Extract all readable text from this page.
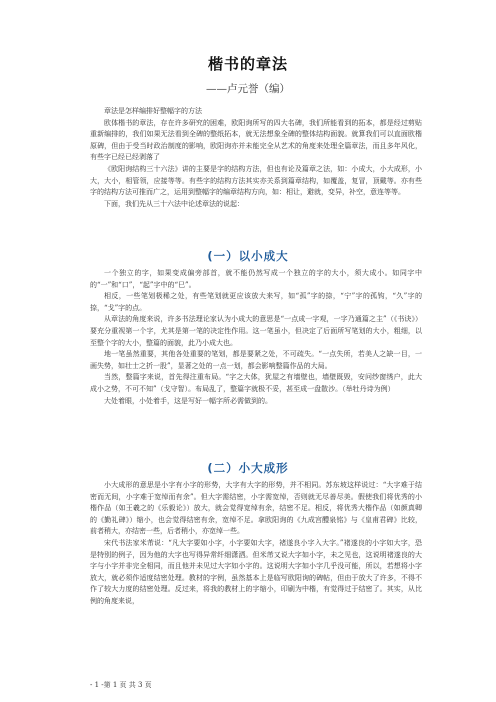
楷书的章法
——卢元誉（编）

章法是怎样编排好整幅字的方法

欧体楷书的章法，存在许多研究的困难，欧阳询所写的四大名碑，我们所能看到的拓本，都是经过剪贴重新编排的，我们如果无法看到全碑的整纸拓本，就无法想象全碑的整体结构面貌。就算我们可以直面欧楷原碑，但由于受当时政治制度的影响，欧阳询亦并未能完全从艺术的角度来处理全篇章法，而且多年风化，有些字已经已经剥落了

《欧阳询结构三十六法》讲的主要是字的结构方法，但也有论及篇章之法，如：小成大，小大成形，小大，大小，相管领，应接等等。有些字的结构方法其实亦关系到篇章结构，如覆盖，复冒，顶戴等。亦有些字的结构方法可推而广之，运用到整幅字的编章结构方向，如：相让，避就，变异，补空，意连等等。

下面，我们先从三十六法中论述章法的说起：

(一）以小成大

一个独立的字，如果变成偏旁部首，就不能仍然写成一个独立的字的大小，须大成小。如同字中的“一”和“口”，“起”字中的“巳”。

相反，一些笔划极稀之处，有些笔划就更应该放大来写，如“孤”字的捺，“宁”字的孤钩，“久”字的捺，“戈”字的点。

从章法的角度来说，许多书法理论家认为小成大的意思是“一点成一字观，一字乃通篇之主”（《书诀》）要充分重视第一个字，尤其是第一笔的决定性作用。这一笔虽小，但决定了后面所写笔划的大小，粗细，以至整个字的大小，整篇的面貌，此乃小成大也。

地一笔虽然重要，其他各处重要的笔划，都是要紧之处，不可疏失。“一点失所，若美人之缺一目，一画失势，如壮士之折一股”，显著之处的一点一划，都会影响整篇作品的大局。

当然，整篇字来说，首先得注重布局。“字之大体，犹屋之有墙壁也，墙壁既毁，安问纱窗绣户，此大成小之势，不可不知”（戈守智）。布局乱了，整篇字就极不妥，甚至成一盘散沙。（举牡丹诗为例）

大处着眼，小处着手，这是写好一幅字所必需做到的。

(二）小大成形

小大成形的意思是小字有小字的形势，大字有大字的形势，并不相同。苏东坡这样说过：“大字难于结密而无间，小字难于宽绰而有余”。但大字需结密，小字需宽绰，否则就无尽善尽美。假使我们将优秀的小楷作品（如王羲之的《乐毅论》）放大，就会觉得宽绰有余，结密不足。相反，将优秀大楷作品（如颜真卿的《勤礼碑》）缩小，也会觉得结密有余，宽绰不足。拿欧阳询的《九成宫醴泉铭》与《皇甫君碑》比较，前者稍大，亦结密一些，后者稍小，亦宽绰一些。

宋代书法家米芾说：“凡大字要如小字，小字要如大字，褚遂良小字入大字。”褚遂良的小字如大字，恐是特别的例子，因为他的大字也写得异常纤细潇洒。但米芾又说大字如小字，未之见也，这说明褚遂良的大字与小字并非完全相同，而且他并未见过大字如小字的。这说明大字如小字几乎没可能，所以，若想将小字放大，就必须作适度结密处理。教材的字例，虽然基本上是临写欧阳询的碑帖，但由于放大了许多，不得不作了较大力度的结密处理。反过来，将我的教材上的字缩小，印刷为中楷，有觉得过于结密了。其实，从比例的角度来说，

- 1 -第 1 页 共 3 页
